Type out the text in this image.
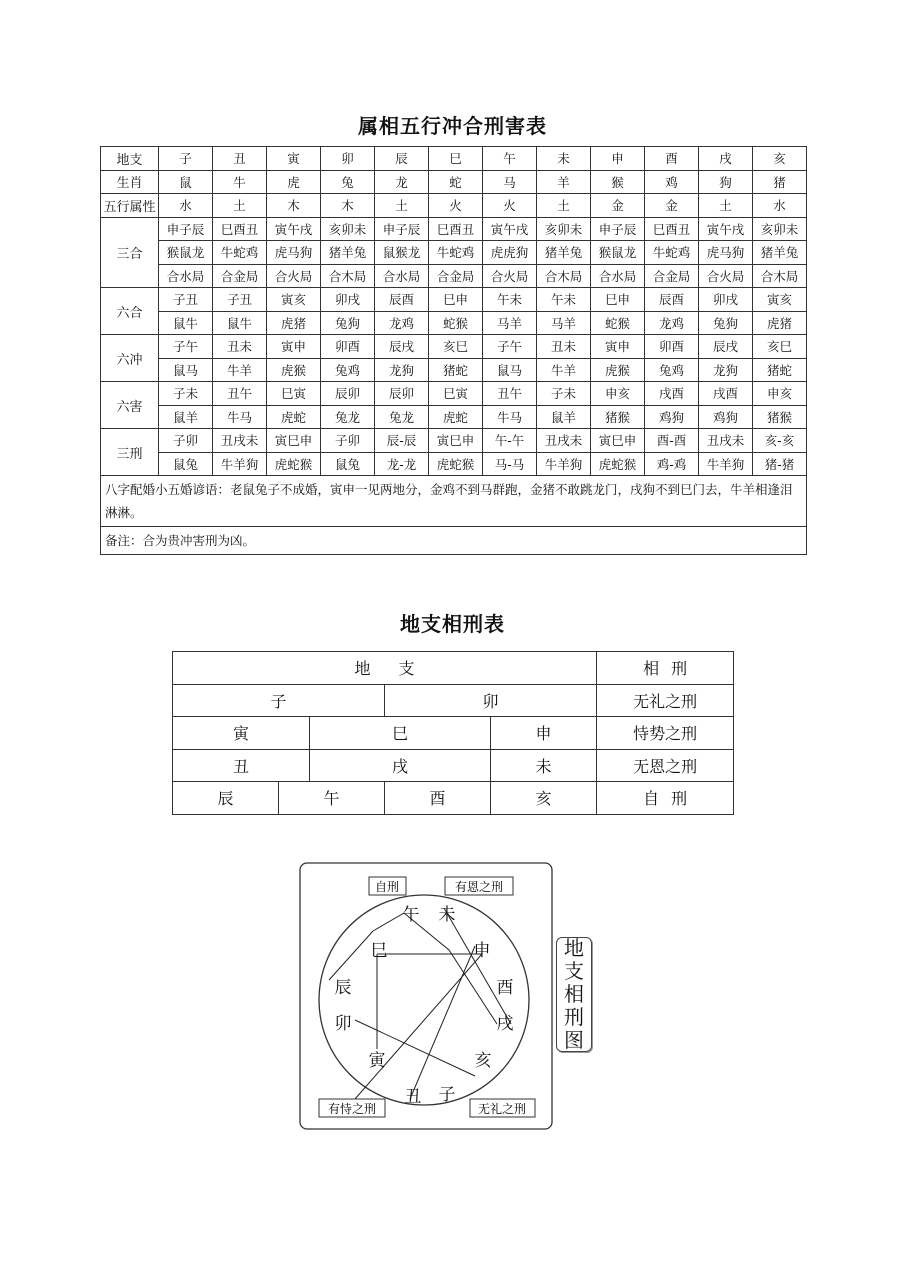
属相五行冲合刑害表
地支	子	丑	寅	卯	辰	巳	午	未	申	酉	戌	亥
生肖	鼠	牛	虎	兔	龙	蛇	马	羊	猴	鸡	狗	猪
五行属性	水	土	木	木	土	火	火	土	金	金	土	水
三合	申子辰	巳酉丑	寅午戌	亥卯未	申子辰	巳酉丑	寅午戌	亥卯未	申子辰	巳酉丑	寅午戌	亥卯未
	猴鼠龙	牛蛇鸡	虎马狗	猪羊兔	鼠猴龙	牛蛇鸡	虎虎狗	猪羊兔	猴鼠龙	牛蛇鸡	虎马狗	猪羊兔
	合水局	合金局	合火局	合木局	合水局	合金局	合火局	合木局	合水局	合金局	合火局	合木局
六合	子丑	子丑	寅亥	卯戌	辰酉	巳申	午未	午未	巳申	辰酉	卯戌	寅亥
	鼠牛	鼠牛	虎猪	兔狗	龙鸡	蛇猴	马羊	马羊	蛇猴	龙鸡	兔狗	虎猪
六冲	子午	丑未	寅申	卯酉	辰戌	亥巳	子午	丑未	寅申	卯酉	辰戌	亥巳
	鼠马	牛羊	虎猴	兔鸡	龙狗	猪蛇	鼠马	牛羊	虎猴	兔鸡	龙狗	猪蛇
六害	子未	丑午	巳寅	辰卯	辰卯	巳寅	丑午	子未	申亥	戌酉	戌酉	申亥
	鼠羊	牛马	虎蛇	兔龙	兔龙	虎蛇	牛马	鼠羊	猪猴	鸡狗	鸡狗	猪猴
三刑	子卯	丑戌未	寅巳申	子卯	辰-辰	寅巳申	午-午	丑戌未	寅巳申	酉-酉	丑戌未	亥-亥
	鼠兔	牛羊狗	虎蛇猴	鼠兔	龙-龙	虎蛇猴	马-马	牛羊狗	虎蛇猴	鸡-鸡	牛羊狗	猪-猪
八字配婚小五婚谚语：老鼠兔子不成婚，寅申一见两地分，金鸡不到马群跑，金猪不敢跳龙门，戌狗不到巳门去，牛羊相逢泪淋淋。												
备注：合为贵冲害刑为凶。												
地支相刑表
地支					相刑
子			卯		无礼之刑
寅		巳		申	恃势之刑
丑		戌		未	无恩之刑
辰	午		酉	亥	自刑
自刑	有恩之刑
有恃之刑	无礼之刑
午 未
巳	申
辰	酉
卯	戌
寅	亥
丑 子
地
支
相
刑
图
